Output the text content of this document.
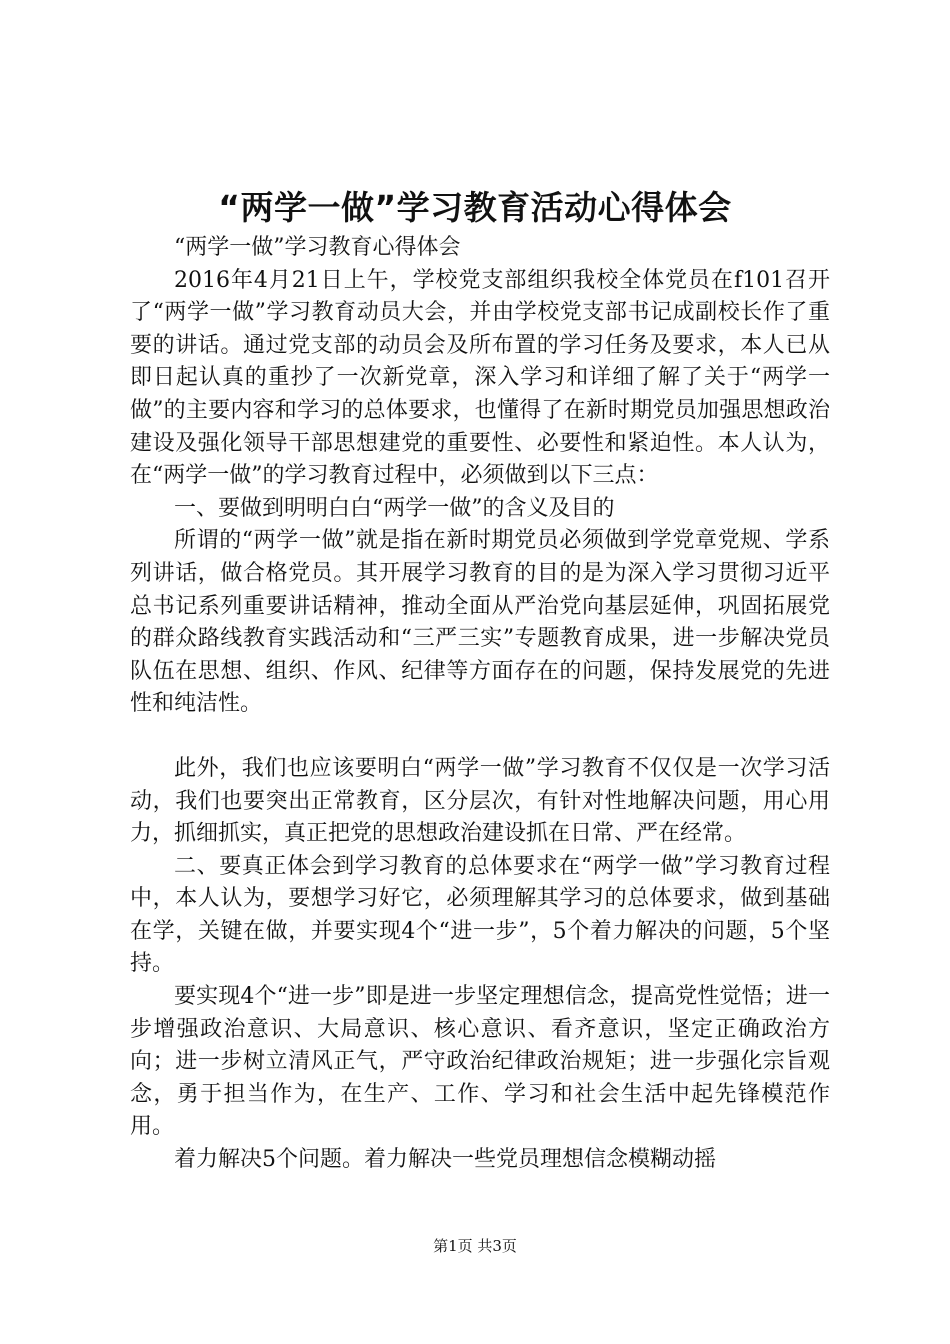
“两学一做”学习教育活动心得体会

“两学一做”学习教育心得体会

2016年4月21日上午，学校党支部组织我校全体党员在f101召开了“两学一做”学习教育动员大会，并由学校党支部书记成副校长作了重要的讲话。通过党支部的动员会及所布置的学习任务及要求，本人已从即日起认真的重抄了一次新党章，深入学习和详细了解了关于“两学一做”的主要内容和学习的总体要求，也懂得了在新时期党员加强思想政治建设及强化领导干部思想建党的重要性、必要性和紧迫性。本人认为，在“两学一做”的学习教育过程中，必须做到以下三点：

一、要做到明明白白“两学一做”的含义及目的

所谓的“两学一做”就是指在新时期党员必须做到学党章党规、学系列讲话，做合格党员。其开展学习教育的目的是为深入学习贯彻习近平总书记系列重要讲话精神，推动全面从严治党向基层延伸，巩固拓展党的群众路线教育实践活动和“三严三实”专题教育成果，进一步解决党员队伍在思想、组织、作风、纪律等方面存在的问题，保持发展党的先进性和纯洁性。

此外，我们也应该要明白“两学一做”学习教育不仅仅是一次学习活动，我们也要突出正常教育，区分层次，有针对性地解决问题，用心用力，抓细抓实，真正把党的思想政治建设抓在日常、严在经常。

二、要真正体会到学习教育的总体要求在“两学一做”学习教育过程中，本人认为，要想学习好它，必须理解其学习的总体要求，做到基础在学，关键在做，并要实现4个“进一步”，5个着力解决的问题，5个坚持。

要实现4个“进一步”即是进一步坚定理想信念，提高党性觉悟；进一步增强政治意识、大局意识、核心意识、看齐意识，坚定正确政治方向；进一步树立清风正气，严守政治纪律政治规矩；进一步强化宗旨观念，勇于担当作为，在生产、工作、学习和社会生活中起先锋模范作用。

着力解决5个问题。着力解决一些党员理想信念模糊动摇

第1页 共3页
